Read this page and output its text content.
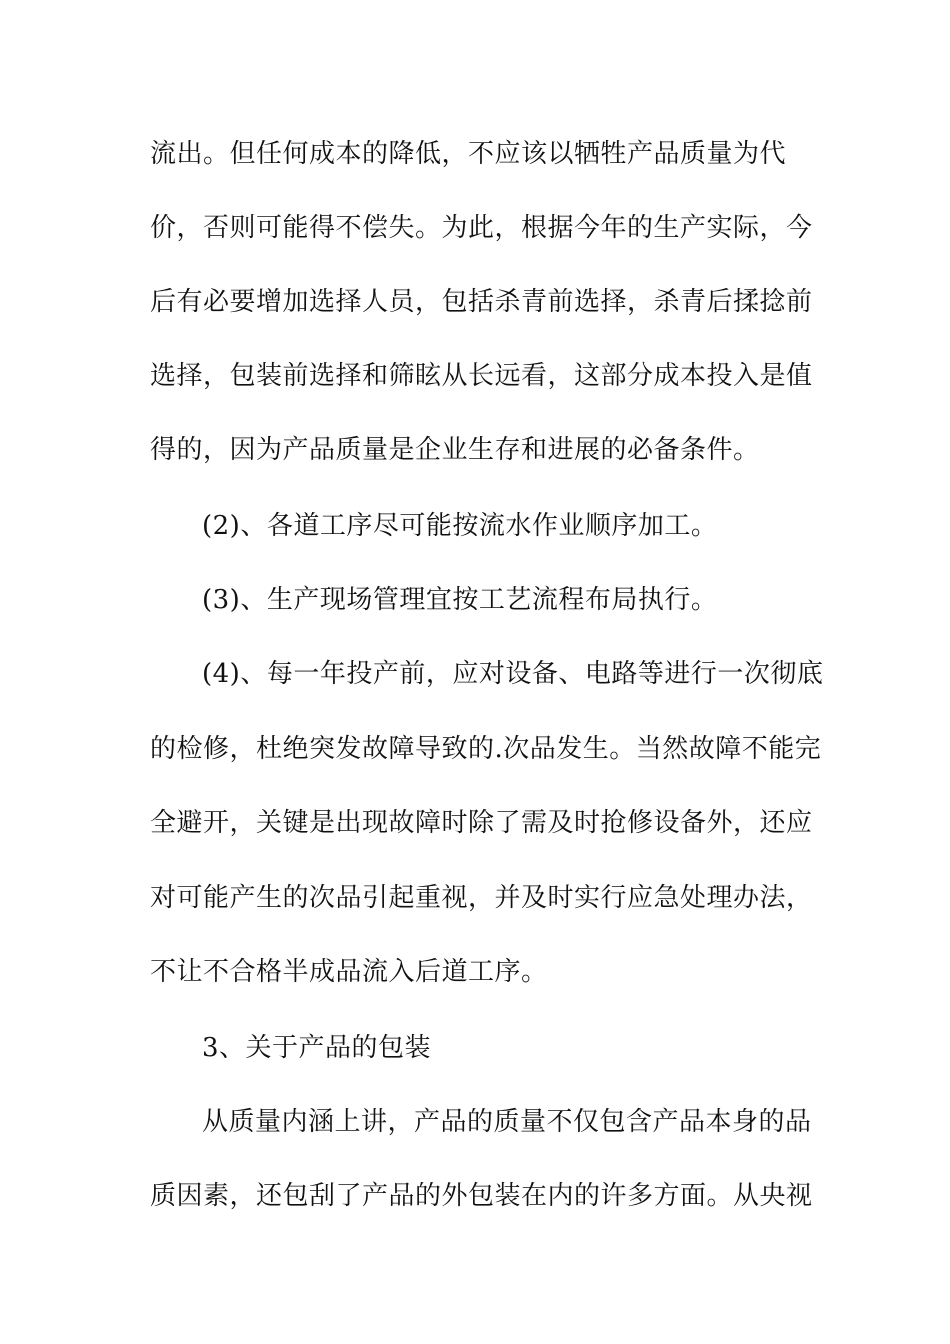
流出。但任何成本的降低，不应该以牺牲产品质量为代
价，否则可能得不偿失。为此，根据今年的生产实际，今
后有必要增加选择人员，包括杀青前选择，杀青后揉捻前
选择，包装前选择和筛眩从长远看，这部分成本投入是值
得的，因为产品质量是企业生存和进展的必备条件。
(2)、各道工序尽可能按流水作业顺序加工。
(3)、生产现场管理宜按工艺流程布局执行。
(4)、每一年投产前，应对设备、电路等进行一次彻底
的检修，杜绝突发故障导致的.次品发生。当然故障不能完
全避开，关键是出现故障时除了需及时抢修设备外，还应
对可能产生的次品引起重视，并及时实行应急处理办法，
不让不合格半成品流入后道工序。
3、关于产品的包装
从质量内涵上讲，产品的质量不仅包含产品本身的品
质因素，还包刮了产品的外包装在内的许多方面。从央视
